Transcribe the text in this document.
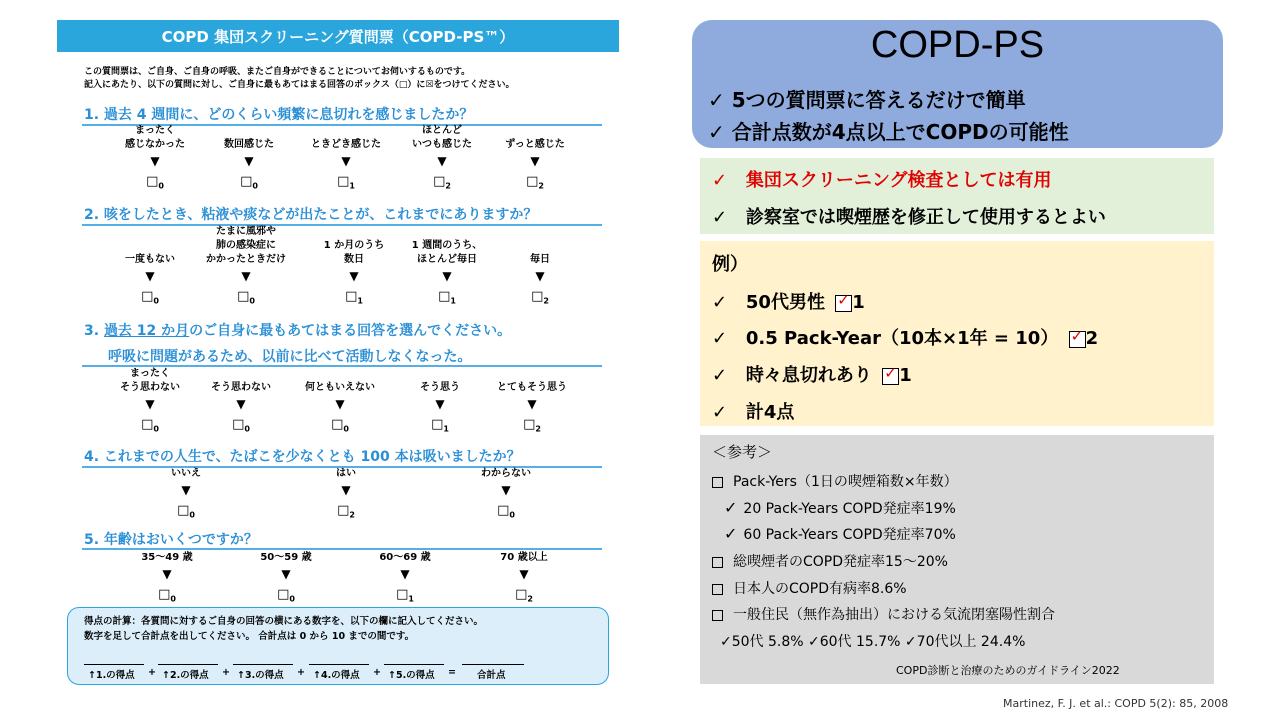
COPD 集団スクリーニング質問票（COPD-PS™）
この質問票は、ご自身、ご自身の呼吸、またご自身ができることについてお伺いするものです。
記入にあたり、以下の質問に対し、ご自身に最もあてはまる回答のボックス（□）に☒をつけてください。
1. 過去 4 週間に、どのくらい頻繁に息切れを感じましたか？
まったく
感じなかった
▼
$□_0$
数回感じた
▼
$□_0$
ときどき感じた
▼
$□_1$
ほとんど
いつも感じた
▼
$□_2$
ずっと感じた
▼
$□_2$
2. 咳をしたとき、粘液や痰などが出たことが、これまでにありますか？
一度もない
▼
$□_0$
たまに風邪や
肺の感染症に
かかったときだけ
▼
$□_0$
1 か月のうち
数日
▼
$□_1$
1 週間のうち、
ほとんど毎日
▼
$□_1$
毎日
▼
$□_2$
3. 過去 12 か月のご自身に最もあてはまる回答を選んでください。
呼吸に問題があるため、以前に比べて活動しなくなった。
まったく
そう思わない
▼
$□_0$
そう思わない
▼
$□_0$
何ともいえない
▼
$□_0$
そう思う
▼
$□_1$
とてもそう思う
▼
$□_2$
4. これまでの人生で、たばこを少なくとも 100 本は吸いましたか？
いいえ
▼
$□_0$
はい
▼
$□_2$
わからない
▼
$□_0$
5. 年齢はおいくつですか？
35〜49 歳
▼
$□_0$
50〜59 歳
▼
$□_0$
60〜69 歳
▼
$□_1$
70 歳以上
▼
$□_2$
得点の計算：各質問に対するご自身の回答の横にある数字を、以下の欄に記入してください。
数字を足して合計点を出してください。 合計点は 0 から 10 までの間です。
↑1.の得点 + ↑2.の得点 + ↑3.の得点 + ↑4.の得点 + ↑5.の得点 = 合計点
COPD-PS
✓ 5つの質問票に答えるだけで簡単
✓ 合計点数が4点以上でCOPDの可能性
✓ 集団スクリーニング検査としては有用
✓ 診察室では喫煙歴を修正して使用するとよい
例）
✓ 50代男性 ✓ 1
✓ 0.5 Pack-Year（10本×1年 = 10） ✓ 2
✓ 時々息切れあり ✓ 1
✓ 計4点
＜参考＞
Pack-Yers（1日の喫煙箱数×年数）
✓ 20 Pack-Years COPD発症率19%
✓ 60 Pack-Years COPD発症率70%
総喫煙者のCOPD発症率15〜20%
日本人のCOPD有病率8.6%
一般住民（無作為抽出）における気流閉塞陽性割合
✓50代 5.8% ✓60代 15.7% ✓70代以上 24.4%
COPD診断と治療のためのガイドライン2022
Martinez, F. J. et al.: COPD 5(2): 85, 2008
